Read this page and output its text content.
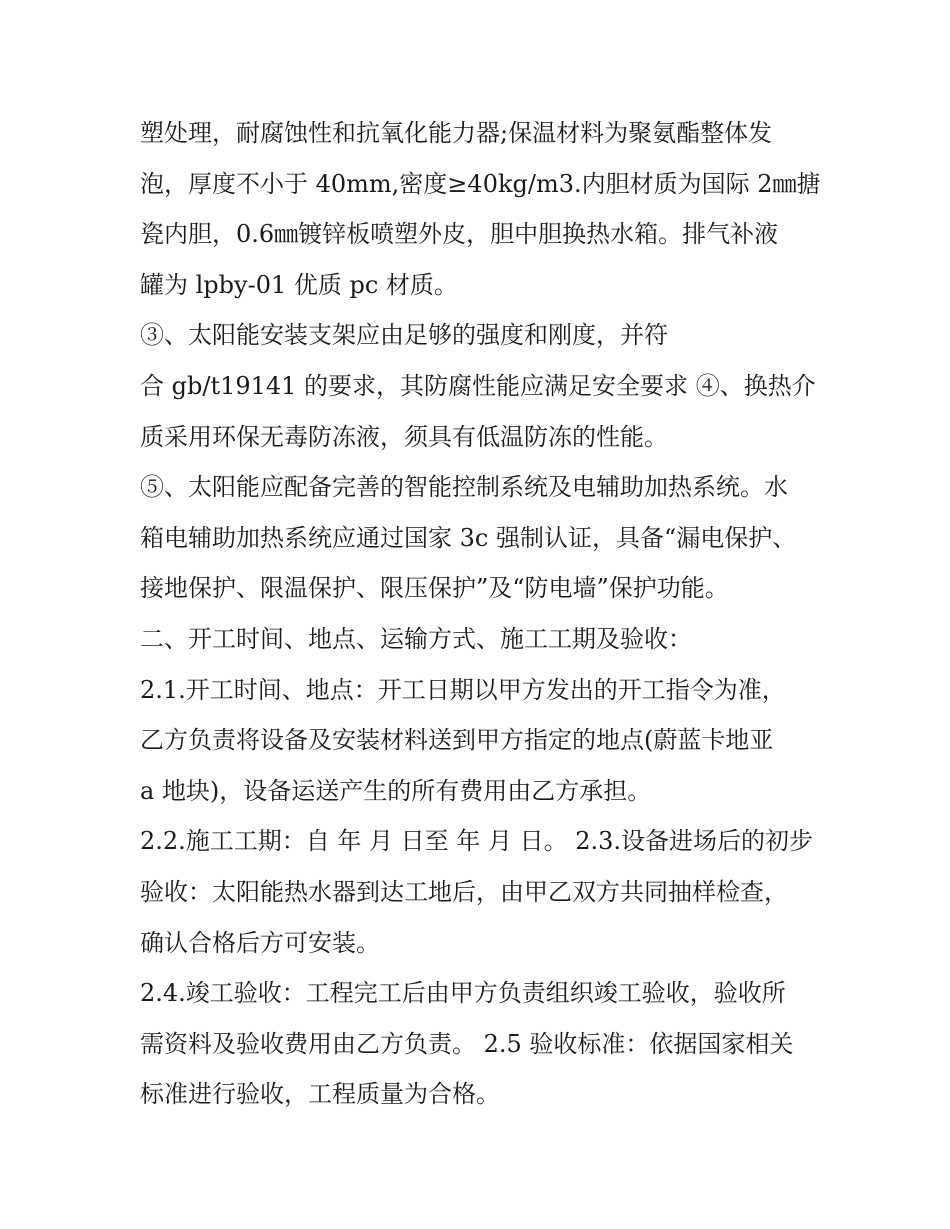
塑处理，耐腐蚀性和抗氧化能力器;保温材料为聚氨酯整体发
泡，厚度不小于 40mm,密度≥40kg/m3.内胆材质为国际 2㎜搪
瓷内胆，0.6㎜镀锌板喷塑外皮，胆中胆换热水箱。排气补液
罐为 lpby-01 优质 pc 材质。
③、太阳能安装支架应由足够的强度和刚度，并符
合 gb/t19141 的要求，其防腐性能应满足安全要求 ④、换热介
质采用环保无毒防冻液，须具有低温防冻的性能。
⑤、太阳能应配备完善的智能控制系统及电辅助加热系统。水
箱电辅助加热系统应通过国家 3c 强制认证，具备“漏电保护、
接地保护、限温保护、限压保护”及“防电墙”保护功能。
二、开工时间、地点、运输方式、施工工期及验收：
2.1.开工时间、地点：开工日期以甲方发出的开工指令为准，
乙方负责将设备及安装材料送到甲方指定的地点(蔚蓝卡地亚
a 地块)，设备运送产生的所有费用由乙方承担。
2.2.施工工期：自 年 月 日至 年 月 日。 2.3.设备进场后的初步
验收：太阳能热水器到达工地后，由甲乙双方共同抽样检查，
确认合格后方可安装。
2.4.竣工验收：工程完工后由甲方负责组织竣工验收，验收所
需资料及验收费用由乙方负责。 2.5 验收标准：依据国家相关
标准进行验收，工程质量为合格。
